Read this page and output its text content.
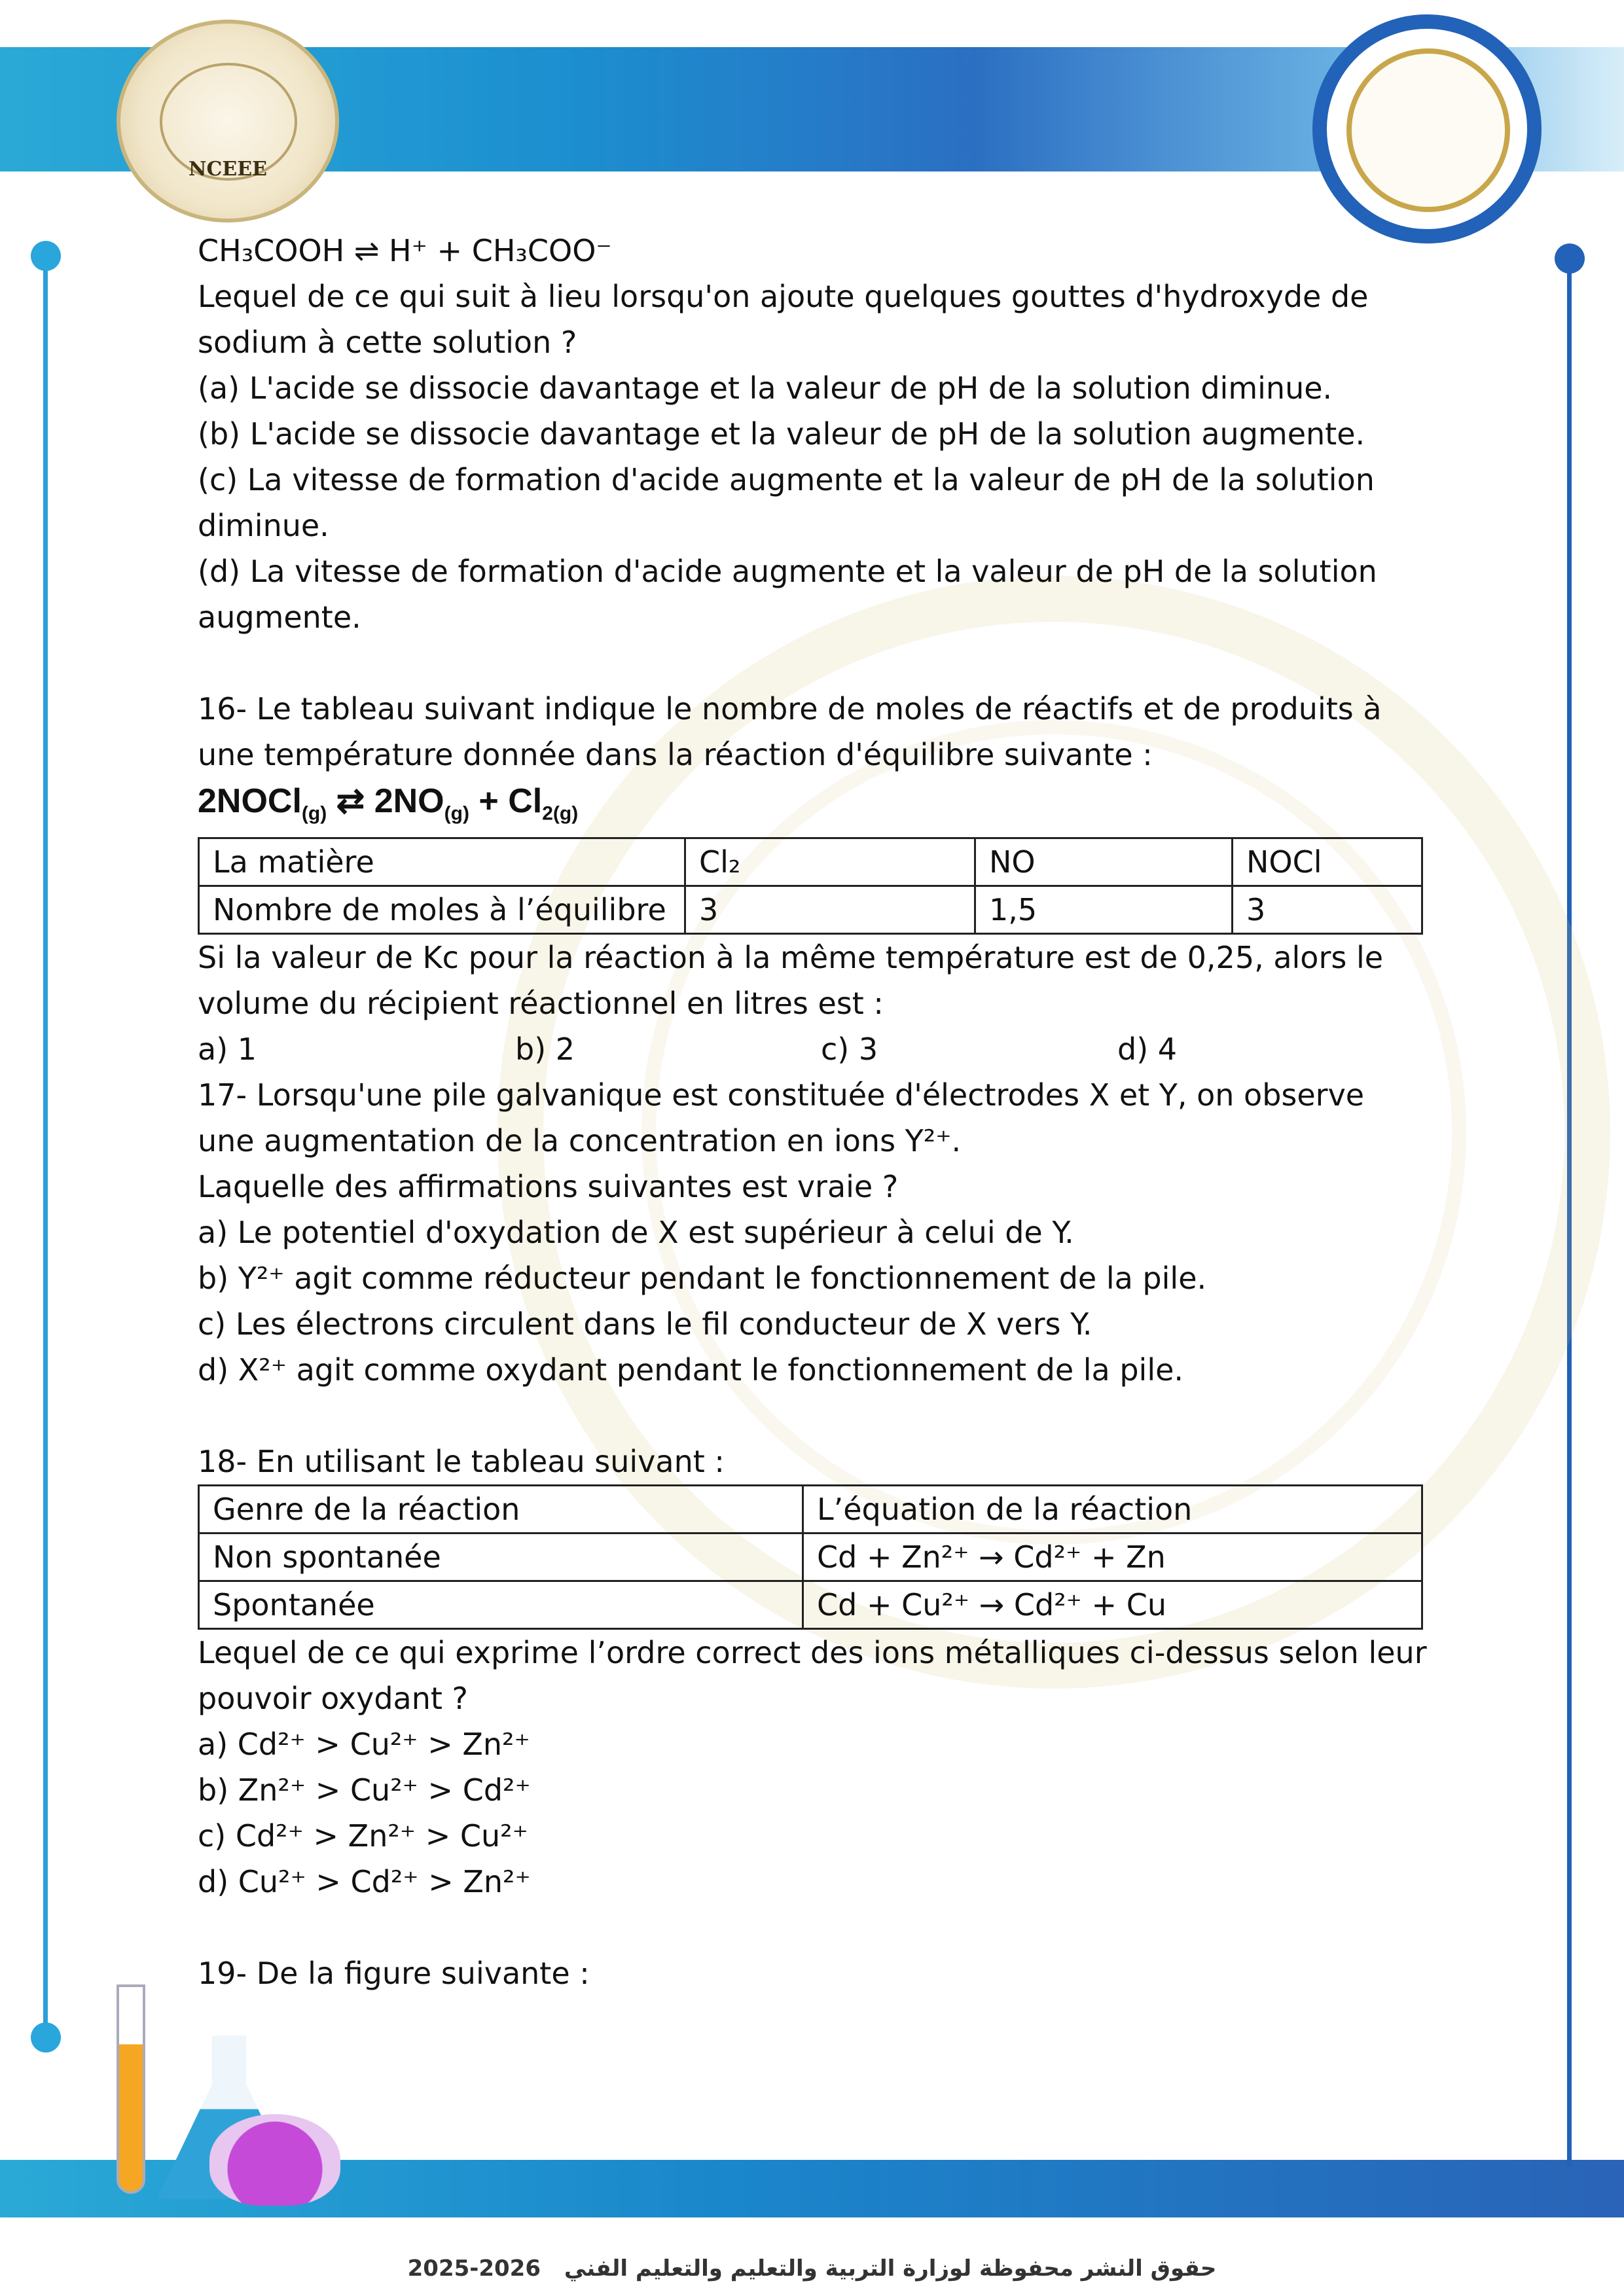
NCEEE

CH₃COOH ⇌ H⁺ + CH₃COO⁻

Lequel de ce qui suit à lieu lorsqu'on ajoute quelques gouttes d'hydroxyde de sodium à cette solution ?

(a) L'acide se dissocie davantage et la valeur de pH de la solution diminue.

(b) L'acide se dissocie davantage et la valeur de pH de la solution augmente.

(c) La vitesse de formation d'acide augmente et la valeur de pH de la solution diminue.

(d) La vitesse de formation d'acide augmente et la valeur de pH de la solution augmente.

16- Le tableau suivant indique le nombre de moles de réactifs et de produits à une température donnée dans la réaction d'équilibre suivante :

2NOCl$_{(g)}$ ⇄ $2NO_{(g)} + Cl_{2(g)}$

La matière	Cl₂	NO	NOCl
Nombre de moles à l’équilibre	3	1,5	3

Si la valeur de Kc pour la réaction à la même température est de 0,25, alors le volume du récipient réactionnel en litres est :

a) 1	b) 2	c) 3	d) 4

17- Lorsqu'une pile galvanique est constituée d'électrodes X et Y, on observe une augmentation de la concentration en ions Y²⁺.

Laquelle des affirmations suivantes est vraie ?

a) Le potentiel d'oxydation de X est supérieur à celui de Y.

b) Y²⁺ agit comme réducteur pendant le fonctionnement de la pile.

c) Les électrons circulent dans le fil conducteur de X vers Y.

d) X²⁺ agit comme oxydant pendant le fonctionnement de la pile.

18- En utilisant le tableau suivant :

Genre de la réaction	L’équation de la réaction
Non spontanée	Cd + Zn²⁺ → Cd²⁺ + Zn
Spontanée	Cd + Cu²⁺ → Cd²⁺ + Cu

Lequel de ce qui exprime l’ordre correct des ions métalliques ci-dessus selon leur pouvoir oxydant ?

a) Cd²⁺ > Cu²⁺ > Zn²⁺

b) Zn²⁺ > Cu²⁺ > Cd²⁺

c) Cd²⁺ > Zn²⁺ > Cu²⁺

d) Cu²⁺ > Cd²⁺ > Zn²⁺

19- De la figure suivante :

2025-2026 حقوق النشر محفوظة لوزارة التربية والتعليم والتعليم الفني
